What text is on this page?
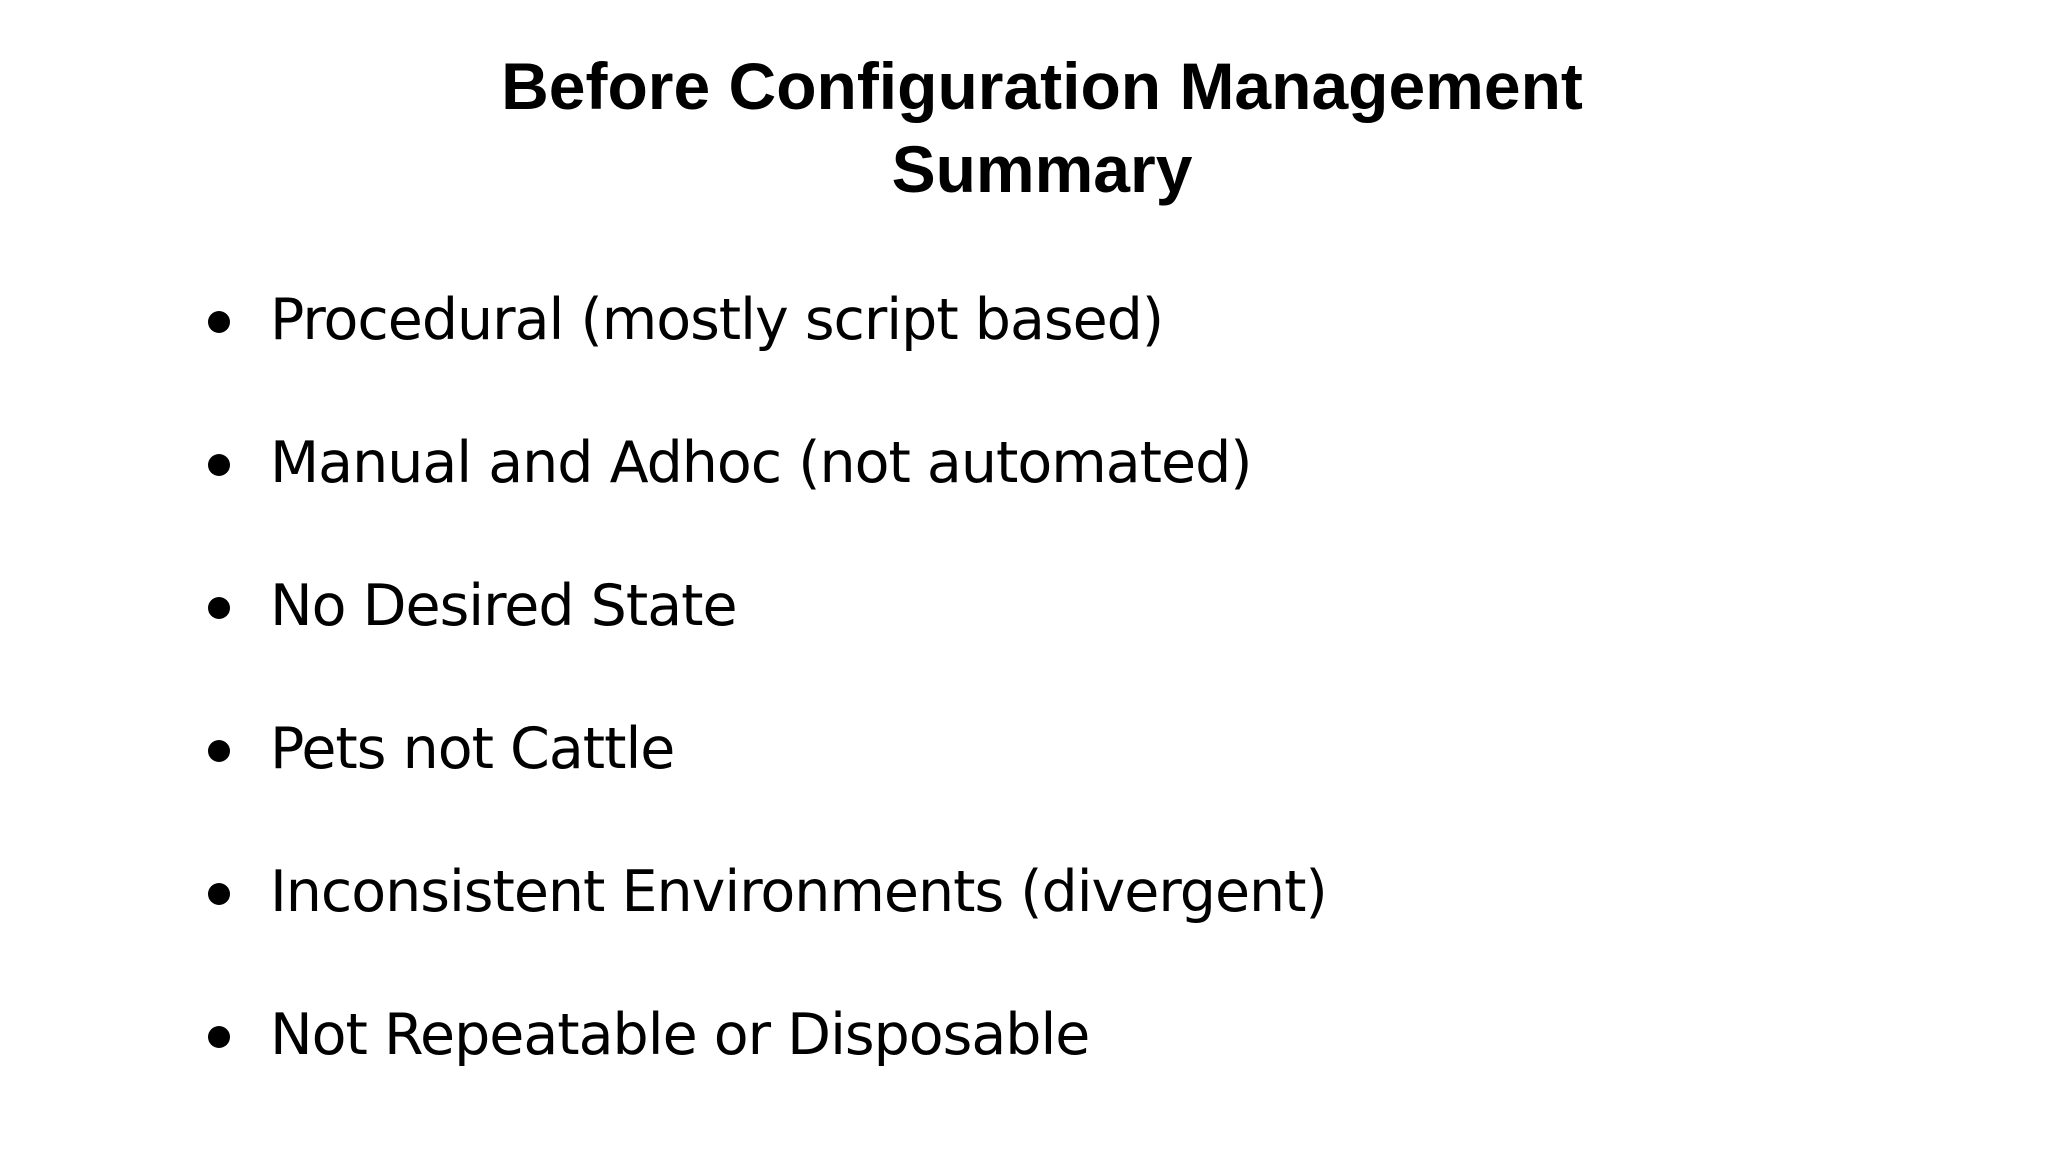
Before Configuration Management
Summary
Procedural (mostly script based)
Manual and Adhoc (not automated)
No Desired State
Pets not Cattle
Inconsistent Environments (divergent)
Not Repeatable or Disposable
